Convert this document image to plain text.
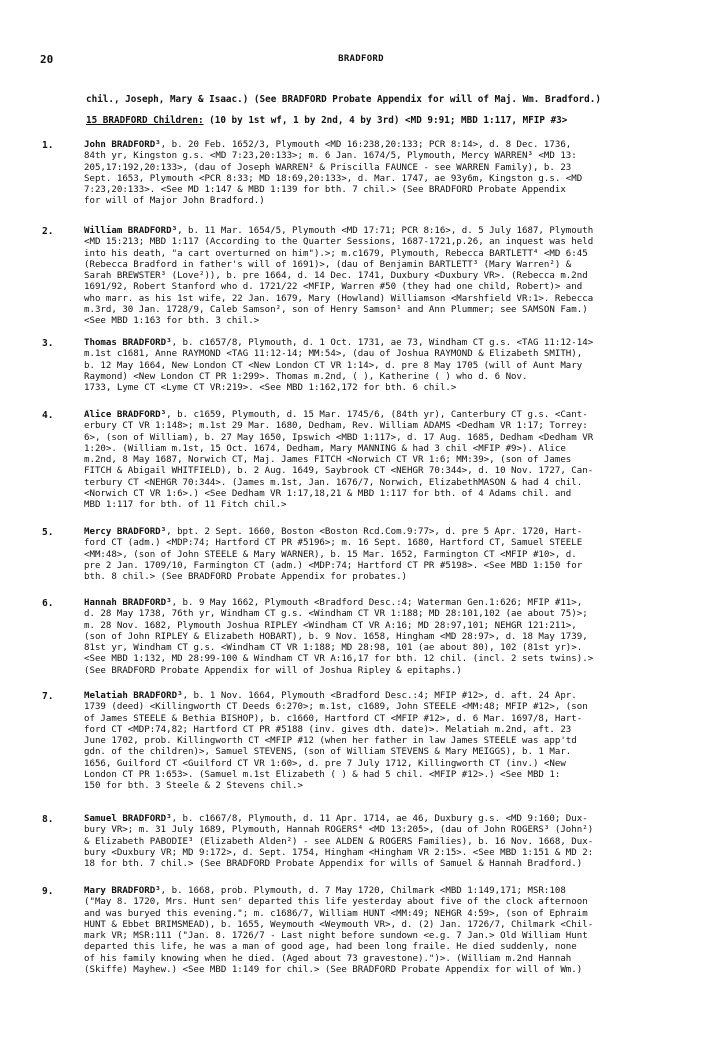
20	BRADFORD
chil., Joseph, Mary & Isaac.) (See BRADFORD Probate Appendix for will of Maj. Wm. Bradford.)
15 BRADFORD Children: (10 by 1st wf, 1 by 2nd, 4 by 3rd) <MD 9:91; MBD 1:117, MFIP #3>
1.	John BRADFORD³, b. 20 Feb. 1652/3, Plymouth <MD 16:238,20:133; PCR 8:14>, d. 8 Dec. 1736,
84th yr, Kingston g.s. <MD 7:23,20:133>; m. 6 Jan. 1674/5, Plymouth, Mercy WARREN³ <MD 13:
205,17:192,20:133>, (dau of Joseph WARREN² & Priscilla FAUNCE - see WARREN Family), b. 23
Sept. 1653, Plymouth <PCR 8:33; MD 18:69,20:133>, d. Mar. 1747, ae 93y6m, Kingston g.s. <MD
7:23,20:133>. <See MD 1:147 & MBD 1:139 for bth. 7 chil.> (See BRADFORD Probate Appendix
for will of Major John Bradford.)
2.	William BRADFORD³, b. 11 Mar. 1654/5, Plymouth <MD 17:71; PCR 8:16>, d. 5 July 1687, Plymouth
<MD 15:213; MBD 1:117 (According to the Quarter Sessions, 1687-1721,p.26, an inquest was held
into his death, "a cart overturned on him").>; m.c1679, Plymouth, Rebecca BARTLETT⁴ <MD 6:45
(Rebecca Bradford in father's will of 1691)>, (dau of Benjamin BARTLETT³ (Mary Warren²) &
Sarah BREWSTER³ (Love²)), b. pre 1664, d. 14 Dec. 1741, Duxbury <Duxbury VR>. (Rebecca m.2nd
1691/92, Robert Stanford who d. 1721/22 <MFIP, Warren #50 (they had one child, Robert)> and
who marr. as his 1st wife, 22 Jan. 1679, Mary (Howland) Williamson <Marshfield VR:1>. Rebecca
m.3rd, 30 Jan. 1728/9, Caleb Samson², son of Henry Samson¹ and Ann Plummer; see SAMSON Fam.)
<See MBD 1:163 for bth. 3 chil.>
3.	Thomas BRADFORD³, b. c1657/8, Plymouth, d. 1 Oct. 1731, ae 73, Windham CT g.s. <TAG 11:12-14>
m.1st c1681, Anne RAYMOND <TAG 11:12-14; MM:54>, (dau of Joshua RAYMOND & Elizabeth SMITH),
b. 12 May 1664, New London CT <New London CT VR 1:14>, d. pre 8 May 1705 (will of Aunt Mary
Raymond) <New London CT PR 1:299>. Thomas m.2nd, ( ), Katherine ( ) who d. 6 Nov.
1733, Lyme CT <Lyme CT VR:219>. <See MBD 1:162,172 for bth. 6 chil.>
4.	Alice BRADFORD³, b. c1659, Plymouth, d. 15 Mar. 1745/6, (84th yr), Canterbury CT g.s. <Cant-
erbury CT VR 1:148>; m.1st 29 Mar. 1680, Dedham, Rev. William ADAMS <Dedham VR 1:17; Torrey:
6>, (son of William), b. 27 May 1650, Ipswich <MBD 1:117>, d. 17 Aug. 1685, Dedham <Dedham VR
1:20>. (William m.1st, 15 Oct. 1674, Dedham, Mary MANNING & had 3 chil <MFIP #9>). Alice
m.2nd, 8 May 1687, Norwich CT, Maj. James FITCH <Norwich CT VR 1:6; MM:39>, (son of James
FITCH & Abigail WHITFIELD), b. 2 Aug. 1649, Saybrook CT <NEHGR 70:344>, d. 10 Nov. 1727, Can-
terbury CT <NEHGR 70:344>. (James m.1st, Jan. 1676/7, Norwich, ElizabethMASON & had 4 chil.
<Norwich CT VR 1:6>.) <See Dedham VR 1:17,18,21 & MBD 1:117 for bth. of 4 Adams chil. and
MBD 1:117 for bth. of 11 Fitch chil.>
5.	Mercy BRADFORD³, bpt. 2 Sept. 1660, Boston <Boston Rcd.Com.9:77>, d. pre 5 Apr. 1720, Hart-
ford CT (adm.) <MDP:74; Hartford CT PR #5196>; m. 16 Sept. 1680, Hartford CT, Samuel STEELE
<MM:48>, (son of John STEELE & Mary WARNER), b. 15 Mar. 1652, Farmington CT <MFIP #10>, d.
pre 2 Jan. 1709/10, Farmington CT (adm.) <MDP:74; Hartford CT PR #5198>. <See MBD 1:150 for
bth. 8 chil.> (See BRADFORD Probate Appendix for probates.)
6.	Hannah BRADFORD³, b. 9 May 1662, Plymouth <Bradford Desc.:4; Waterman Gen.1:626; MFIP #11>,
d. 28 May 1738, 76th yr, Windham CT g.s. <Windham CT VR 1:188; MD 28:101,102 (ae about 75)>;
m. 28 Nov. 1682, Plymouth Joshua RIPLEY <Windham CT VR A:16; MD 28:97,101; NEHGR 121:211>,
(son of John RIPLEY & Elizabeth HOBART), b. 9 Nov. 1658, Hingham <MD 28:97>, d. 18 May 1739,
81st yr, Windham CT g.s. <Windham CT VR 1:188; MD 28:98, 101 (ae about 80), 102 (81st yr)>.
<See MBD 1:132, MD 28:99-100 & Windham CT VR A:16,17 for bth. 12 chil. (incl. 2 sets twins).>
(See BRADFORD Probate Appendix for will of Joshua Ripley & epitaphs.)
7.	Melatiah BRADFORD³, b. 1 Nov. 1664, Plymouth <Bradford Desc.:4; MFIP #12>, d. aft. 24 Apr.
1739 (deed) <Killingworth CT Deeds 6:270>; m.1st, c1689, John STEELE <MM:48; MFIP #12>, (son
of James STEELE & Bethia BISHOP), b. c1660, Hartford CT <MFIP #12>, d. 6 Mar. 1697/8, Hart-
ford CT <MDP:74,82; Hartford CT PR #5188 (inv. gives dth. date)>. Melatiah m.2nd, aft. 23
June 1702, prob. Killingworth CT <MFIP #12 (when her father in law James STEELE was app'td
gdn. of the children)>, Samuel STEVENS, (son of William STEVENS & Mary MEIGGS), b. 1 Mar.
1656, Guilford CT <Guilford CT VR 1:60>, d. pre 7 July 1712, Killingworth CT (inv.) <New
London CT PR 1:653>. (Samuel m.1st Elizabeth ( ) & had 5 chil. <MFIP #12>.) <See MBD 1:
150 for bth. 3 Steele & 2 Stevens chil.>
8.	Samuel BRADFORD³, b. c1667/8, Plymouth, d. 11 Apr. 1714, ae 46, Duxbury g.s. <MD 9:160; Dux-
bury VR>; m. 31 July 1689, Plymouth, Hannah ROGERS⁴ <MD 13:205>, (dau of John ROGERS³ (John²)
& Elizabeth PABODIE³ (Elizabeth Alden²) - see ALDEN & ROGERS Families), b. 16 Nov. 1668, Dux-
bury <Duxbury VR; MD 9:172>, d. Sept. 1754, Hingham <Hingham VR 2:15>. <See MBD 1:151 & MD 2:
18 for bth. 7 chil.> (See BRADFORD Probate Appendix for wills of Samuel & Hannah Bradford.)
9.	Mary BRADFORD³, b. 1668, prob. Plymouth, d. 7 May 1720, Chilmark <MBD 1:149,171; MSR:108
("May 8. 1720, Mrs. Hunt senʳ departed this life yesterday about five of the clock afternoon
and was buryed this evening."; m. c1686/7, William HUNT <MM:49; NEHGR 4:59>, (son of Ephraim
HUNT & Ebbet BRIMSMEAD), b. 1655, Weymouth <Weymouth VR>, d. (2) Jan. 1726/7, Chilmark <Chil-
mark VR; MSR:111 ("Jan. 8. 1726/7 - Last night before sundown <e.g. 7 Jan.> Old William Hunt
departed this life, he was a man of good age, had been long fraile. He died suddenly, none
of his family knowing when he died. (Aged about 73 gravestone).")>. (William m.2nd Hannah
(Skiffe) Mayhew.) <See MBD 1:149 for chil.> (See BRADFORD Probate Appendix for will of Wm.)
